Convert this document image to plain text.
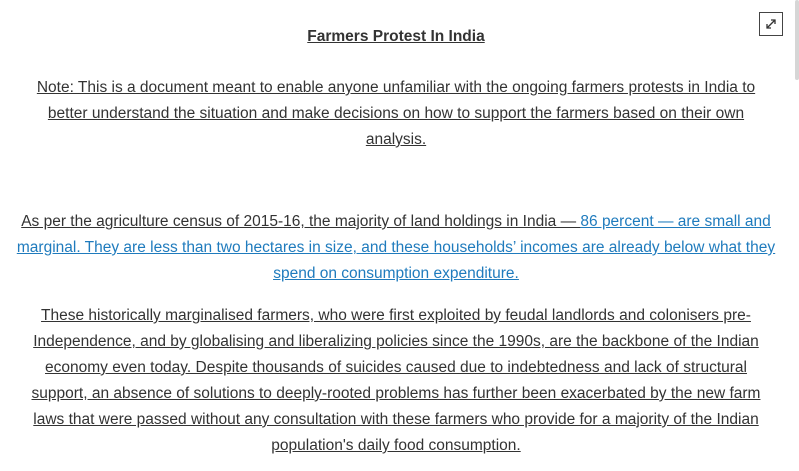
Farmers Protest In India

Note: This is a document meant to enable anyone unfamiliar with the ongoing farmers protests in India to better understand the situation and make decisions on how to support the farmers based on their own analysis.

As per the agriculture census of 2015-16, the majority of land holdings in India — 86 percent — are small and marginal. They are less than two hectares in size, and these households’ incomes are already below what they spend on consumption expenditure.

These historically marginalised farmers, who were first exploited by feudal landlords and colonisers pre-Independence, and by globalising and liberalizing policies since the 1990s, are the backbone of the Indian economy even today. Despite thousands of suicides caused due to indebtedness and lack of structural support, an absence of solutions to deeply-rooted problems has further been exacerbated by the new farm laws that were passed without any consultation with these farmers who provide for a majority of the Indian population's daily food consumption.
